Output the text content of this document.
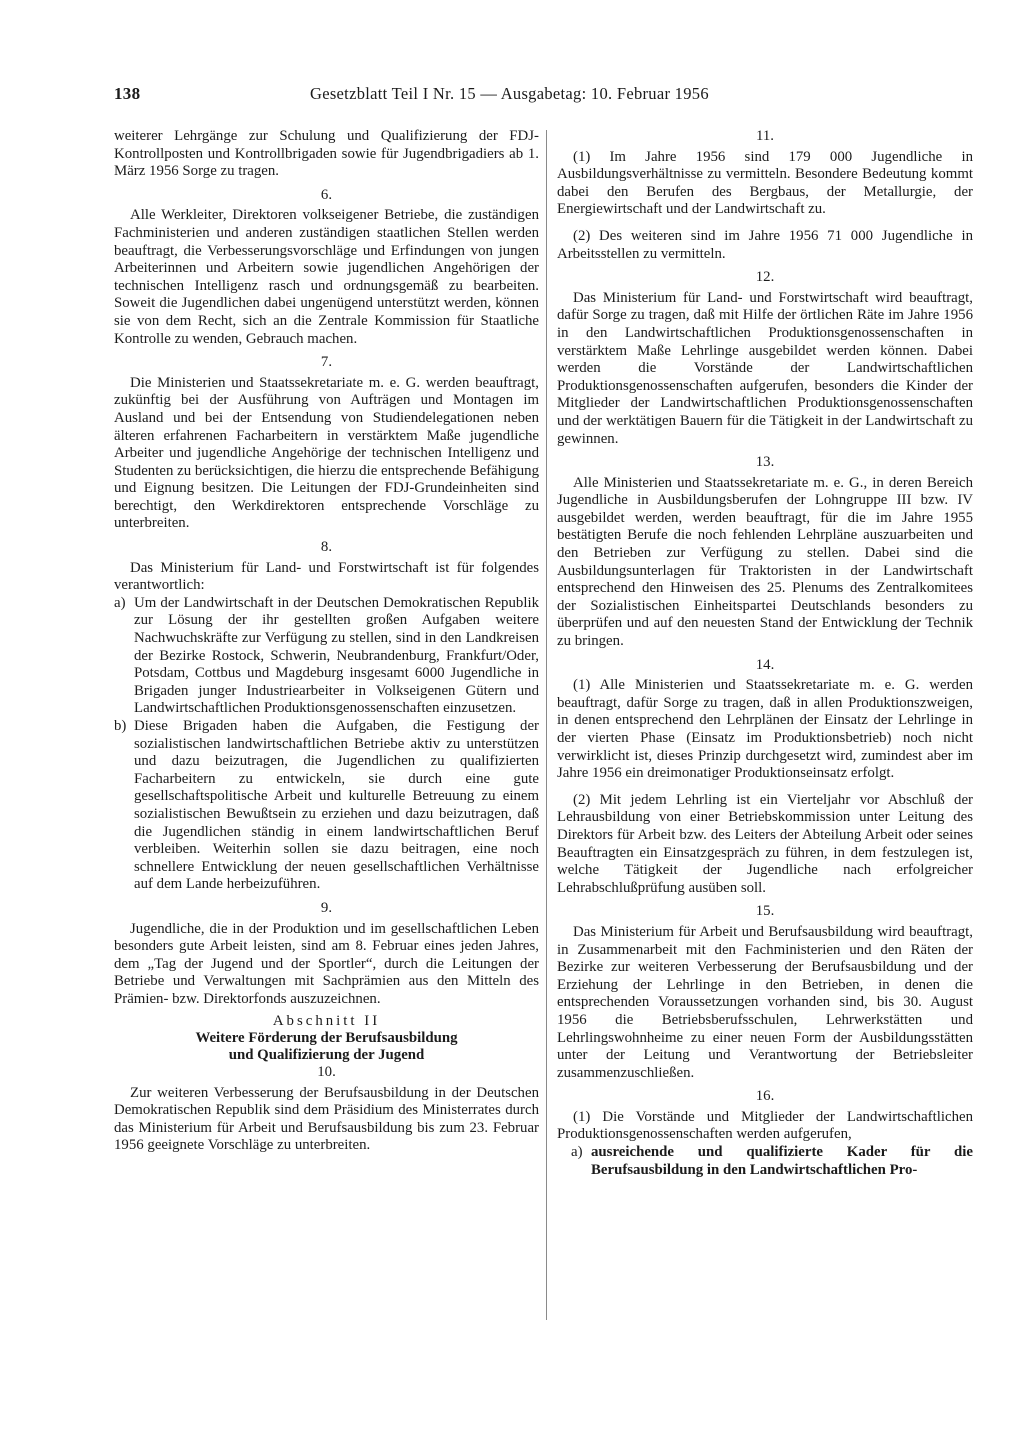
138	Gesetzblatt Teil I Nr. 15 — Ausgabetag: 10. Februar 1956

weiterer Lehrgänge zur Schulung und Qualifizierung der FDJ-Kontrollposten und Kontrollbrigaden sowie für Jugendbrigadiers ab 1. März 1956 Sorge zu tragen.

6.

Alle Werkleiter, Direktoren volkseigener Betriebe, die zuständigen Fachministerien und anderen zuständigen staatlichen Stellen werden beauftragt, die Verbesserungsvorschläge und Erfindungen von jungen Arbeiterinnen und Arbeitern sowie jugendlichen Angehörigen der technischen Intelligenz rasch und ordnungsgemäß zu bearbeiten. Soweit die Jugendlichen dabei ungenügend unterstützt werden, können sie von dem Recht, sich an die Zentrale Kommission für Staatliche Kontrolle zu wenden, Gebrauch machen.

7.

Die Ministerien und Staatssekretariate m. e. G. werden beauftragt, zukünftig bei der Ausführung von Aufträgen und Montagen im Ausland und bei der Entsendung von Studiendelegationen neben älteren erfahrenen Facharbeitern in verstärktem Maße jugendliche Arbeiter und jugendliche Angehörige der technischen Intelligenz und Studenten zu berücksichtigen, die hierzu die entsprechende Befähigung und Eignung besitzen. Die Leitungen der FDJ-Grundeinheiten sind berechtigt, den Werkdirektoren entsprechende Vorschläge zu unterbreiten.

8.

Das Ministerium für Land- und Forstwirtschaft ist für folgendes verantwortlich:

a) Um der Landwirtschaft in der Deutschen Demokratischen Republik zur Lösung der ihr gestellten großen Aufgaben weitere Nachwuchskräfte zur Verfügung zu stellen, sind in den Landkreisen der Bezirke Rostock, Schwerin, Neubrandenburg, Frankfurt/Oder, Potsdam, Cottbus und Magdeburg insgesamt 6000 Jugendliche in Brigaden junger Industriearbeiter in Volkseigenen Gütern und Landwirtschaftlichen Produktionsgenossenschaften einzusetzen.
b) Diese Brigaden haben die Aufgaben, die Festigung der sozialistischen landwirtschaftlichen Betriebe aktiv zu unterstützen und dazu beizutragen, die Jugendlichen zu qualifizierten Facharbeitern zu entwickeln, sie durch eine gute gesellschaftspolitische Arbeit und kulturelle Betreuung zu einem sozialistischen Bewußtsein zu erziehen und dazu beizutragen, daß die Jugendlichen ständig in einem landwirtschaftlichen Beruf verbleiben. Weiterhin sollen sie dazu beitragen, eine noch schnellere Entwicklung der neuen gesellschaftlichen Verhältnisse auf dem Lande herbeizuführen.
9.

Jugendliche, die in der Produktion und im gesellschaftlichen Leben besonders gute Arbeit leisten, sind am 8. Februar eines jeden Jahres, dem „Tag der Jugend und der Sportler“, durch die Leitungen der Betriebe und Verwaltungen mit Sachprämien aus den Mitteln des Prämien- bzw. Direktorfonds auszuzeichnen.

Abschnitt II
Weitere Förderung der Berufsausbildung
und Qualifizierung der Jugend
10.

Zur weiteren Verbesserung der Berufsausbildung in der Deutschen Demokratischen Republik sind dem Präsidium des Ministerrates durch das Ministerium für Arbeit und Berufsausbildung bis zum 23. Februar 1956 geeignete Vorschläge zu unterbreiten.

11.

(1) Im Jahre 1956 sind 179 000 Jugendliche in Ausbildungsverhältnisse zu vermitteln. Besondere Bedeutung kommt dabei den Berufen des Bergbaus, der Metallurgie, der Energiewirtschaft und der Landwirtschaft zu.

(2) Des weiteren sind im Jahre 1956 71 000 Jugendliche in Arbeitsstellen zu vermitteln.

12.

Das Ministerium für Land- und Forstwirtschaft wird beauftragt, dafür Sorge zu tragen, daß mit Hilfe der örtlichen Räte im Jahre 1956 in den Landwirtschaftlichen Produktionsgenossenschaften in verstärktem Maße Lehrlinge ausgebildet werden können. Dabei werden die Vorstände der Landwirtschaftlichen Produktionsgenossenschaften aufgerufen, besonders die Kinder der Mitglieder der Landwirtschaftlichen Produktionsgenossenschaften und der werktätigen Bauern für die Tätigkeit in der Landwirtschaft zu gewinnen.

13.

Alle Ministerien und Staatssekretariate m. e. G., in deren Bereich Jugendliche in Ausbildungsberufen der Lohngruppe III bzw. IV ausgebildet werden, werden beauftragt, für die im Jahre 1955 bestätigten Berufe die noch fehlenden Lehrpläne auszuarbeiten und den Betrieben zur Verfügung zu stellen. Dabei sind die Ausbildungsunterlagen für Traktoristen in der Landwirtschaft entsprechend den Hinweisen des 25. Plenums des Zentralkomitees der Sozialistischen Einheitspartei Deutschlands besonders zu überprüfen und auf den neuesten Stand der Entwicklung der Technik zu bringen.

14.

(1) Alle Ministerien und Staatssekretariate m. e. G. werden beauftragt, dafür Sorge zu tragen, daß in allen Produktionszweigen, in denen entsprechend den Lehrplänen der Einsatz der Lehrlinge in der vierten Phase (Einsatz im Produktionsbetrieb) noch nicht verwirklicht ist, dieses Prinzip durchgesetzt wird, zumindest aber im Jahre 1956 ein dreimonatiger Produktionseinsatz erfolgt.

(2) Mit jedem Lehrling ist ein Vierteljahr vor Abschluß der Lehrausbildung von einer Betriebskommission unter Leitung des Direktors für Arbeit bzw. des Leiters der Abteilung Arbeit oder seines Beauftragten ein Einsatzgespräch zu führen, in dem festzulegen ist, welche Tätigkeit der Jugendliche nach erfolgreicher Lehrabschlußprüfung ausüben soll.

15.

Das Ministerium für Arbeit und Berufsausbildung wird beauftragt, in Zusammenarbeit mit den Fachministerien und den Räten der Bezirke zur weiteren Verbesserung der Berufsausbildung und der Erziehung der Lehrlinge in den Betrieben, in denen die entsprechenden Voraussetzungen vorhanden sind, bis 30. August 1956 die Betriebsberufsschulen, Lehrwerkstätten und Lehrlingswohnheime zu einer neuen Form der Ausbildungsstätten unter der Leitung und Verantwortung der Betriebsleiter zusammenzuschließen.

16.

(1) Die Vorstände und Mitglieder der Landwirtschaftlichen Produktionsgenossenschaften werden aufgerufen,

a) ausreichende und qualifizierte Kader für die Berufsausbildung in den Landwirtschaftlichen Pro-
